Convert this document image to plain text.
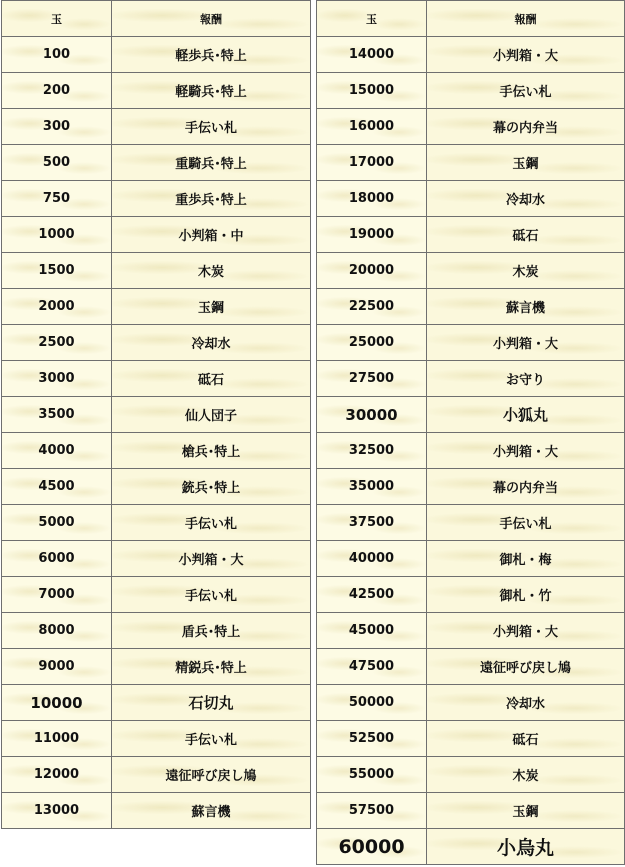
玉	報酬
100	軽歩兵･特上
200	軽騎兵･特上
300	手伝い札
500	重騎兵･特上
750	重歩兵･特上
1000	小判箱・中
1500	木炭
2000	玉鋼
2500	冷却水
3000	砥石
3500	仙人団子
4000	槍兵･特上
4500	銃兵･特上
5000	手伝い札
6000	小判箱・大
7000	手伝い札
8000	盾兵･特上
9000	精鋭兵･特上
10000	石切丸
11000	手伝い札
12000	遠征呼び戻し鳩
13000	蘇言機
玉	報酬
14000	小判箱・大
15000	手伝い札
16000	幕の内弁当
17000	玉鋼
18000	冷却水
19000	砥石
20000	木炭
22500	蘇言機
25000	小判箱・大
27500	お守り
30000	小狐丸
32500	小判箱・大
35000	幕の内弁当
37500	手伝い札
40000	御札・梅
42500	御札・竹
45000	小判箱・大
47500	遠征呼び戻し鳩
50000	冷却水
52500	砥石
55000	木炭
57500	玉鋼
60000	小烏丸
